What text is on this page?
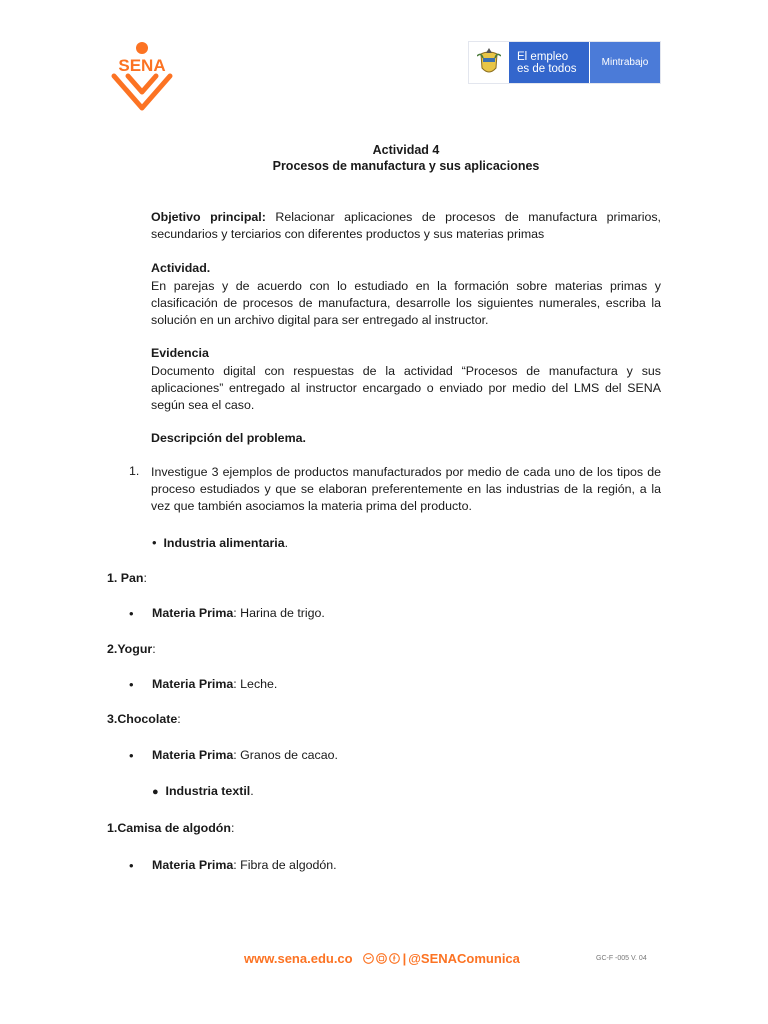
SENA	El empleo
es de todos
Mintrabajo
Actividad 4
Procesos de manufactura y sus aplicaciones
Objetivo principal: Relacionar aplicaciones de procesos de manufactura primarios, secundarios y terciarios con diferentes productos y sus materias primas
Actividad.
En parejas y de acuerdo con lo estudiado en la formación sobre materias primas y clasificación de procesos de manufactura, desarrolle los siguientes numerales, escriba la solución en un archivo digital para ser entregado al instructor.
Evidencia
Documento digital con respuestas de la actividad “Procesos de manufactura y sus aplicaciones” entregado al instructor encargado o enviado por medio del LMS del SENA según sea el caso.
Descripción del problema.
1. Investigue 3 ejemplos de productos manufacturados por medio de cada uno de los tipos de proceso estudiados y que se elaboran preferentemente en las industrias de la región, a la vez que también asociamos la materia prima del producto.
• Industria alimentaria.
1. Pan:
• Materia Prima: Harina de trigo.
2.Yogur:
• Materia Prima: Leche.
3.Chocolate:
• Materia Prima: Granos de cacao.
● Industria textil.
1.Camisa de algodón:
• Materia Prima: Fibra de algodón.
www.sena.edu.co	| @SENAComunica	GC-F -005 V. 04
